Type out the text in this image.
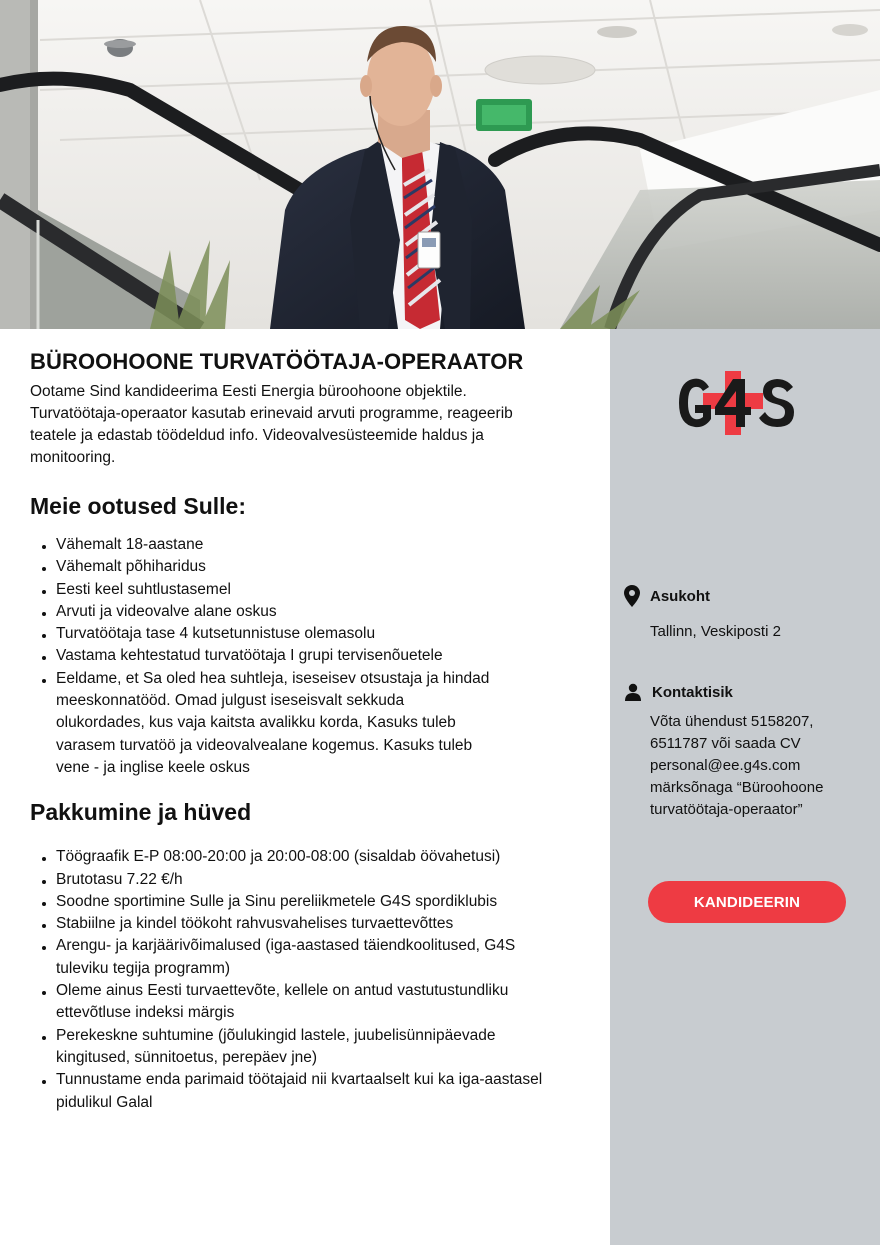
BÜROOHOONE TURVATÖÖTAJA-OPERAATOR

Ootame Sind kandideerima Eesti Energia büroohoone objektile. Turvatöötaja-operaator kasutab erinevaid arvuti programme, reageerib teatele ja edastab töödeldud info. Videovalvesüsteemide haldus ja monitooring.

Meie ootused Sulle:
Vähemalt 18-aastane
Vähemalt põhiharidus
Eesti keel suhtlustasemel
Arvuti ja videovalve alane oskus
Turvatöötaja tase 4 kutsetunnistuse olemasolu
Vastama kehtestatud turvatöötaja I grupi tervisenõuetele
Eeldame, et Sa oled hea suhtleja, iseseisev otsustaja ja hindad meeskonnatööd. Omad julgust iseseisvalt sekkuda olukordades, kus vaja kaitsta avalikku korda, Kasuks tuleb varasem turvatöö ja videovalvealane kogemus. Kasuks tuleb vene - ja inglise keele oskus
Pakkumine ja hüved
Töögraafik E-P 08:00-20:00 ja 20:00-08:00 (sisaldab öövahetusi)
Brutotasu 7.22 €/h
Soodne sportimine Sulle ja Sinu pereliikmetele G4S spordiklubis
Stabiilne ja kindel töökoht rahvusvahelises turvaettevõttes
Arengu- ja karjäärivõimalused (iga-aastased täiendkoolitused, G4S tuleviku tegija programm)
Oleme ainus Eesti turvaettevõte, kellele on antud vastutustundliku ettevõtluse indeksi märgis
Perekeskne suhtumine (jõulukingid lastele, juubelisünnipäevade kingitused, sünnitoetus, perepäev jne)
Tunnustame enda parimaid töötajaid nii kvartaalselt kui ka iga-aastasel pidulikul Galal
Asukoht
Tallinn, Veskiposti 2
Kontaktisik
Võta ühendust 5158207, 6511787 või saada CV personal@ee.g4s.com märksõnaga “Büroohoone turvatöötaja-operaator”
KANDIDEERIN
